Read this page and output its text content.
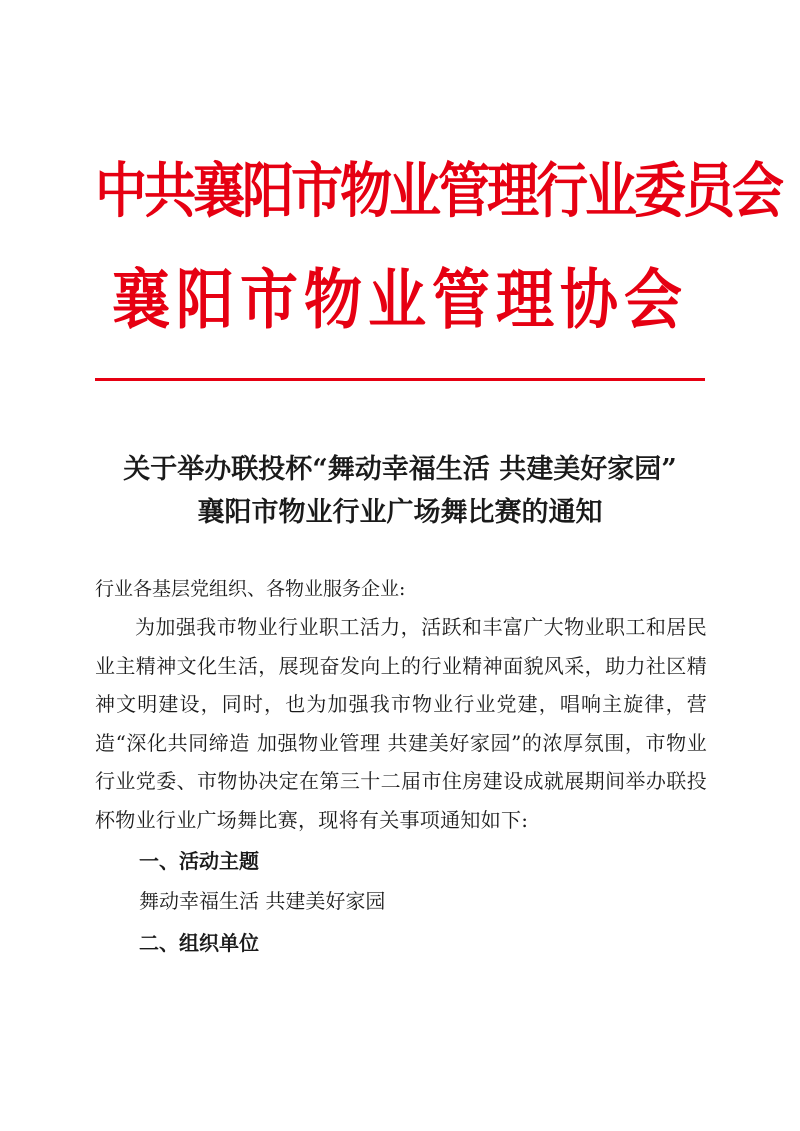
中共襄阳市物业管理行业委员会
襄阳市物业管理协会
关于举办联投杯“舞动幸福生活 共建美好家园”
襄阳市物业行业广场舞比赛的通知

行业各基层党组织、各物业服务企业:

为加强我市物业行业职工活力，活跃和丰富广大物业职工和居民业主精神文化生活，展现奋发向上的行业精神面貌风采，助力社区精神文明建设，同时，也为加强我市物业行业党建，唱响主旋律，营造“深化共同缔造 加强物业管理 共建美好家园”的浓厚氛围，市物业行业党委、市物协决定在第三十二届市住房建设成就展期间举办联投杯物业行业广场舞比赛，现将有关事项通知如下:

一、活动主题

舞动幸福生活 共建美好家园

二、组织单位
